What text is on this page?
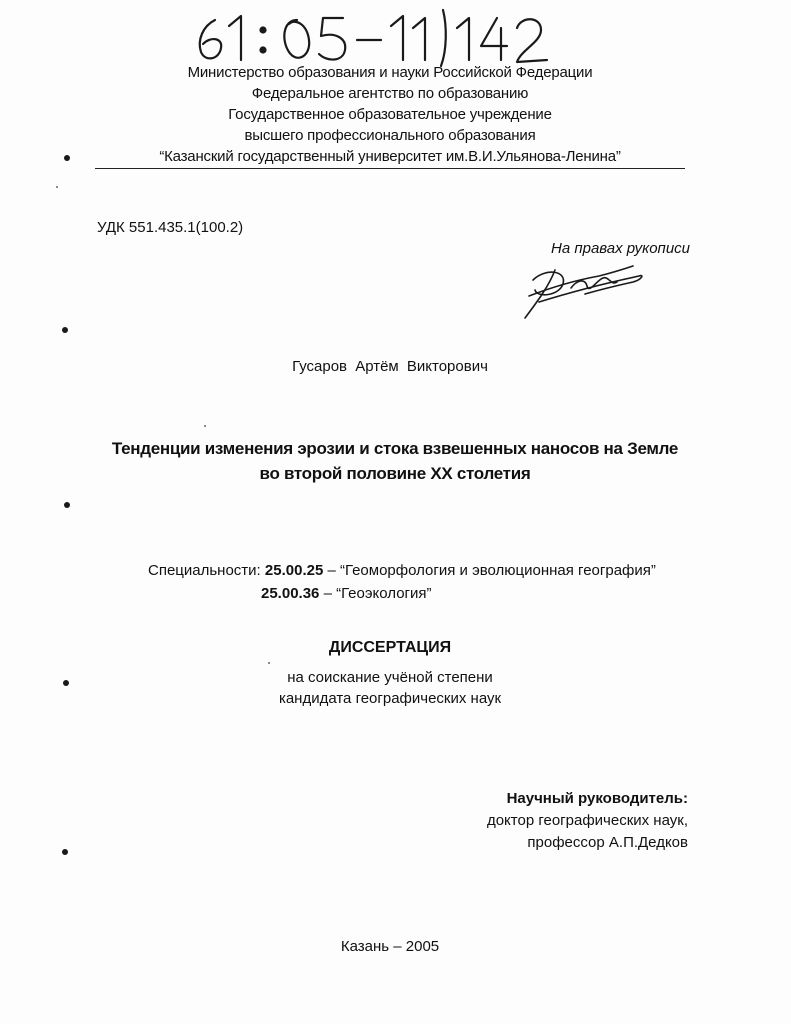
Министерство образования и науки Российской Федерации
Федеральное агентство по образованию
Государственное образовательное учреждение
высшего профессионального образования
“Казанский государственный университет им.В.И.Ульянова-Ленина”
УДК 551.435.1(100.2)
На правах рукописи
Гусаров Артём Викторович
Тенденции изменения эрозии и стока взвешенных наносов на Земле
во второй половине XX столетия
Специальности: 25.00.25 – “Геоморфология и эволюционная география”
25.00.36 – “Геоэкология”
ДИССЕРТАЦИЯ
на соискание учёной степени
кандидата географических наук
Научный руководитель:
доктор географических наук,
профессор А.П.Дедков
Казань – 2005
